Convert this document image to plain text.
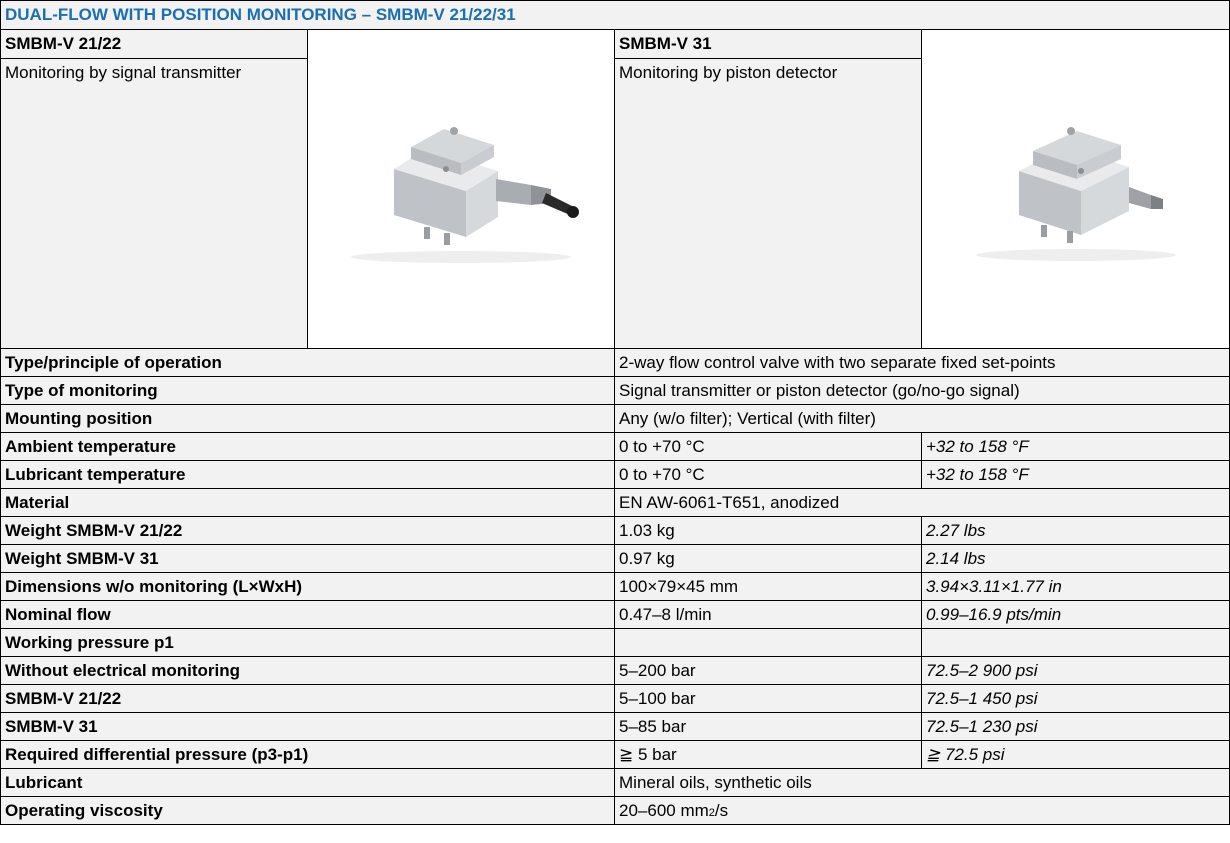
DUAL-FLOW WITH POSITION MONITORING – SMBM-V 21/22/31			
SMBM-V 21/22		SMBM-V 31	

Monitoring by signal transmitter		Monitoring by piston detector	
Type/principle of operation		2-way flow control valve with two separate fixed set-points	
Type of monitoring		Signal transmitter or piston detector (go/no-go signal)	
Mounting position		Any (w/o filter); Vertical (with filter)	
Ambient temperature		0 to +70 °C	+32 to 158 °F
Lubricant temperature		0 to +70 °C	+32 to 158 °F
Material		EN AW-6061-T651, anodized	
Weight SMBM-V 21/22		1.03 kg	2.27 lbs
Weight SMBM-V 31		0.97 kg	2.14 lbs
Dimensions w/o monitoring (L×WxH)		100×79×45 mm	3.94×3.11×1.77 in
Nominal flow		0.47–8 l/min	0.99–16.9 pts/min
Working pressure p1			
Without electrical monitoring		5–200 bar	72.5–2 900 psi
SMBM-V 21/22		5–100 bar	72.5–1 450 psi
SMBM-V 31		5–85 bar	72.5–1 230 psi
Required differential pressure (p3-p1)		≧ 5 bar	≧ 72.5 psi
Lubricant		Mineral oils, synthetic oils	
Operating viscosity		20–600 mm2/s	
